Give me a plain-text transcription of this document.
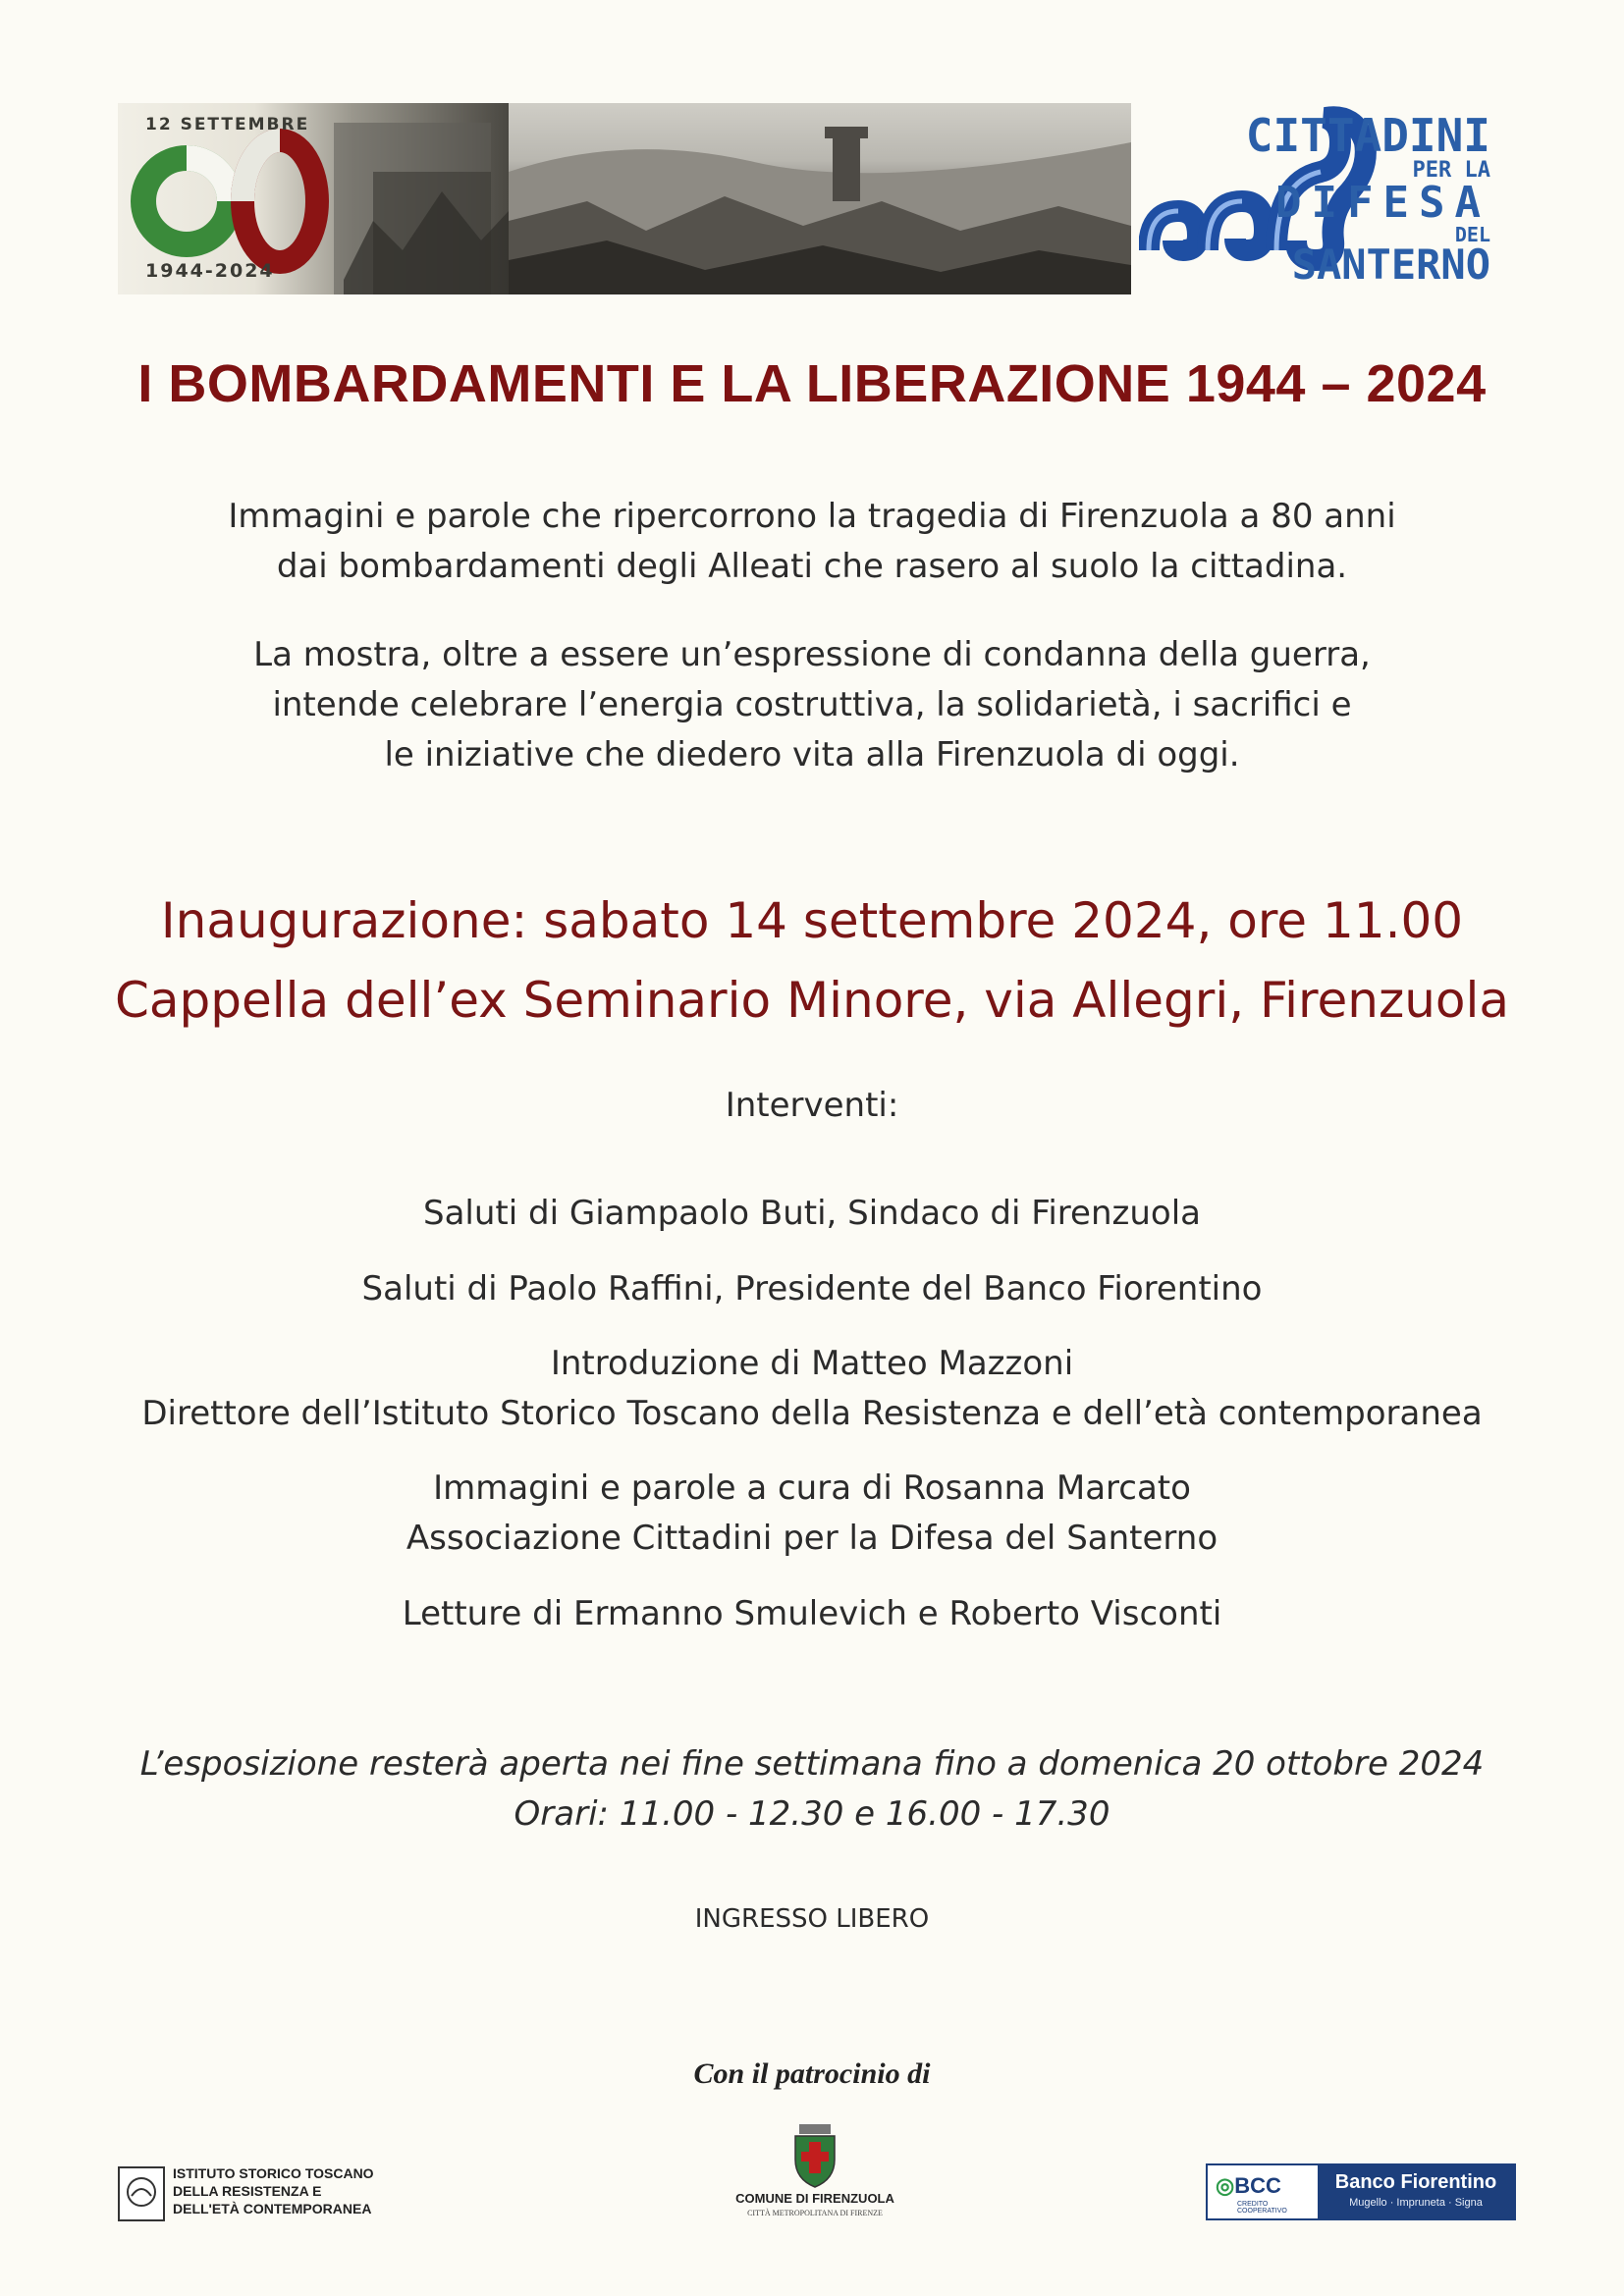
12 SETTEMBRE
1944-2024
CITTADINI
PER LA
DIFESA
DEL
SANTERNO
I BOMBARDAMENTI E LA LIBERAZIONE 1944 – 2024
Immagini e parole che ripercorrono la tragedia di Firenzuola a 80 anni
dai bombardamenti degli Alleati che rasero al suolo la cittadina.
La mostra, oltre a essere un’espressione di condanna della guerra,
intende celebrare l’energia costruttiva, la solidarietà, i sacrifici e
le iniziative che diedero vita alla Firenzuola di oggi.
Inaugurazione: sabato 14 settembre 2024, ore 11.00
Cappella dell’ex Seminario Minore, via Allegri, Firenzuola
Interventi:
Saluti di Giampaolo Buti, Sindaco di Firenzuola
Saluti di Paolo Raffini, Presidente del Banco Fiorentino
Introduzione di Matteo Mazzoni
Direttore dell’Istituto Storico Toscano della Resistenza e dell’età contemporanea
Immagini e parole a cura di Rosanna Marcato
Associazione Cittadini per la Difesa del Santerno
Letture di Ermanno Smulevich e Roberto Visconti
L’esposizione resterà aperta nei fine settimana fino a domenica 20 ottobre 2024
Orari: 11.00 - 12.30 e 16.00 - 17.30
INGRESSO LIBERO
Con il patrocinio di
ISTITUTO STORICO TOSCANO
DELLA RESISTENZA E
DELL'ETÀ CONTEMPORANEA
COMUNE DI FIRENZUOLA
CITTÀ METROPOLITANA DI FIRENZE
◎BCC
CREDITO COOPERATIVO
Banco Fiorentino
Mugello · Impruneta · Signa
